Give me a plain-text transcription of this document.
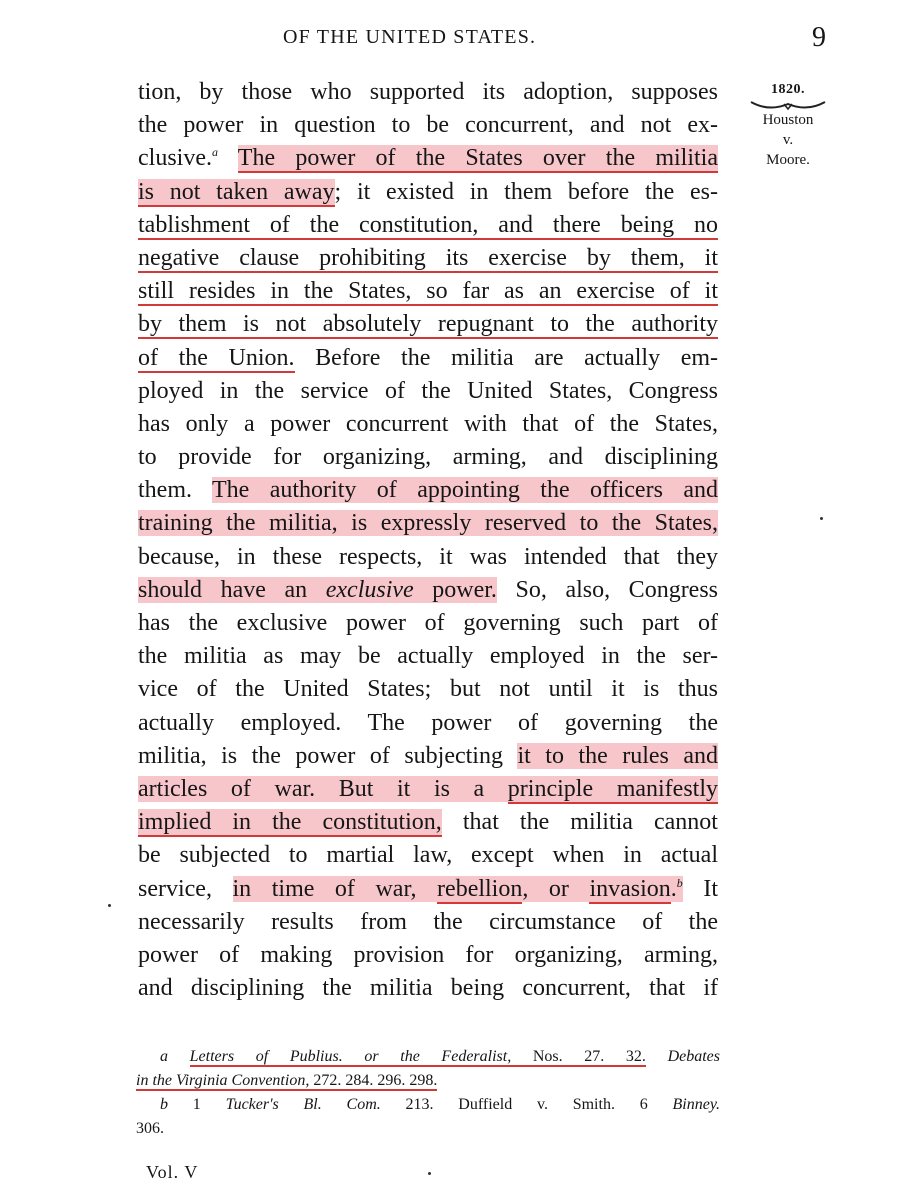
OF THE UNITED STATES.	9
1820.
Houston
v.
Moore.
tion, by those who supported its adoption, supposes
the power in question to be concurrent, and not ex-
clusive.$^a$ The power of the States over the militia
is not taken away; it existed in them before the es-
tablishment of the constitution, and there being no
negative clause prohibiting its exercise by them, it
still resides in the States, so far as an exercise of it
by them is not absolutely repugnant to the authority
of the Union. Before the militia are actually em-
ployed in the service of the United States, Congress
has only a power concurrent with that of the States,
to provide for organizing, arming, and disciplining
them. The authority of appointing the officers and
training the militia, is expressly reserved to the States,
because, in these respects, it was intended that they
should have an exclusive power. So, also, Congress
has the exclusive power of governing such part of
the militia as may be actually employed in the ser-
vice of the United States; but not until it is thus
actually employed. The power of governing the
militia, is the power of subjecting it to the rules and
articles of war. But it is a principle manifestly
implied in the constitution, that the militia cannot
be subjected to martial law, except when in actual
service, in time of war, rebellion, or invasion.$^b$ It
necessarily results from the circumstance of the
power of making provision for organizing, arming,
and disciplining the militia being concurrent, that if
a Letters of Publius. or the Federalist, Nos. 27. 32. Debates
in the Virginia Convention, 272. 284. 296. 298.
b 1 Tucker's Bl. Com. 213. Duffield v. Smith. 6 Binney.
306.
Vol. V
